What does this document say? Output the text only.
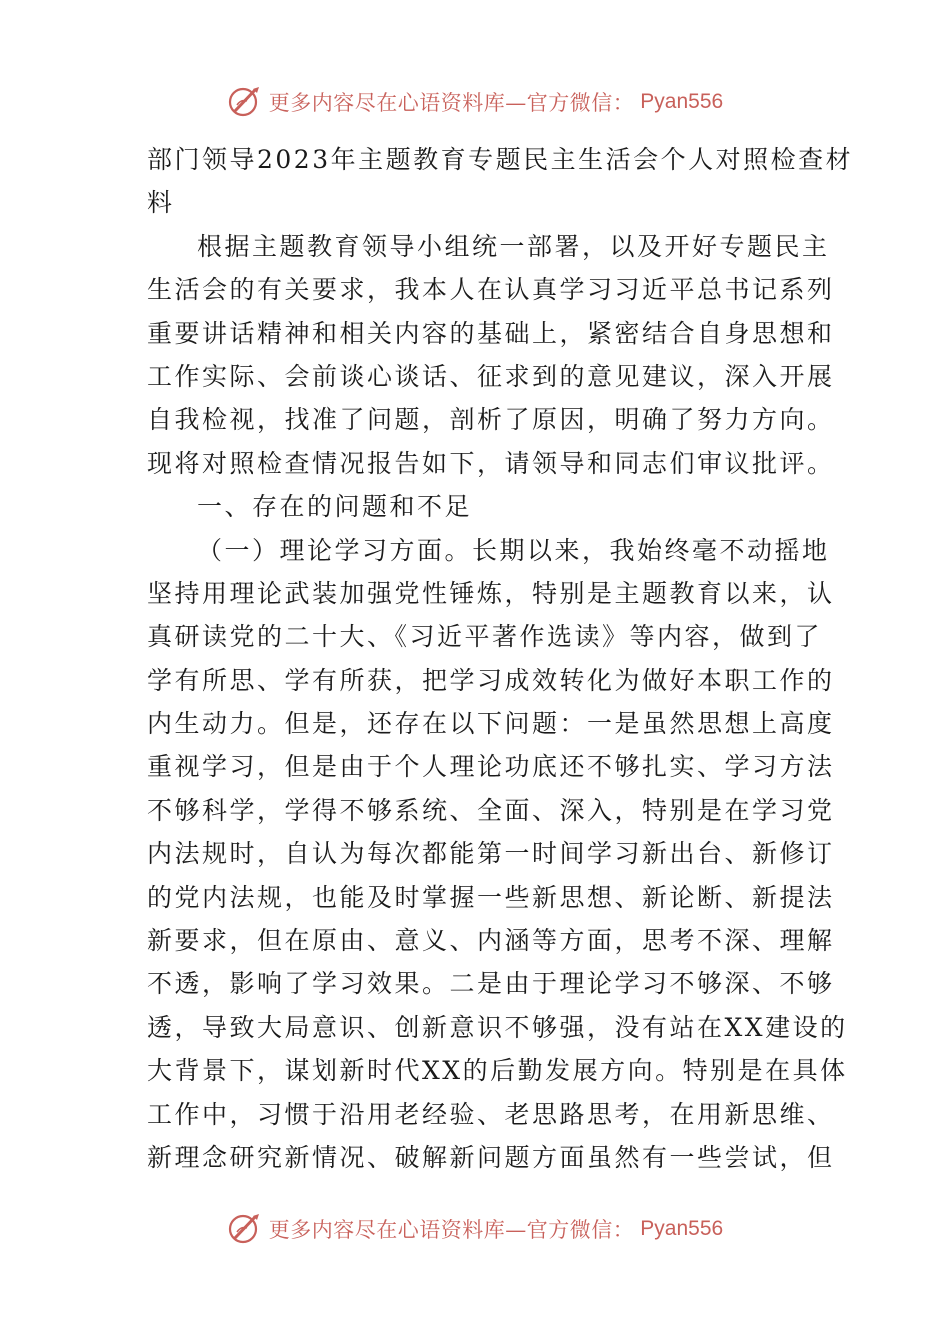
更多内容尽在心语资料库—官方微信： Pyan556
部门领导2023年主题教育专题民主生活会个人对照检查材
料
根据主题教育领导小组统一部署，以及开好专题民主
生活会的有关要求，我本人在认真学习习近平总书记系列
重要讲话精神和相关内容的基础上，紧密结合自身思想和
工作实际、会前谈心谈话、征求到的意见建议，深入开展
自我检视，找准了问题，剖析了原因，明确了努力方向。
现将对照检查情况报告如下，请领导和同志们审议批评。
一、存在的问题和不足
（一）理论学习方面。长期以来，我始终毫不动摇地
坚持用理论武装加强党性锤炼，特别是主题教育以来，认
真研读党的二十大、《习近平著作选读》等内容，做到了
学有所思、学有所获，把学习成效转化为做好本职工作的
内生动力。但是，还存在以下问题：一是虽然思想上高度
重视学习，但是由于个人理论功底还不够扎实、学习方法
不够科学，学得不够系统、全面、深入，特别是在学习党
内法规时，自认为每次都能第一时间学习新出台、新修订
的党内法规，也能及时掌握一些新思想、新论断、新提法
新要求，但在原由、意义、内涵等方面，思考不深、理解
不透，影响了学习效果。二是由于理论学习不够深、不够
透，导致大局意识、创新意识不够强，没有站在XX建设的
大背景下，谋划新时代XX的后勤发展方向。特别是在具体
工作中，习惯于沿用老经验、老思路思考，在用新思维、
新理念研究新情况、破解新问题方面虽然有一些尝试，但
更多内容尽在心语资料库—官方微信： Pyan556
